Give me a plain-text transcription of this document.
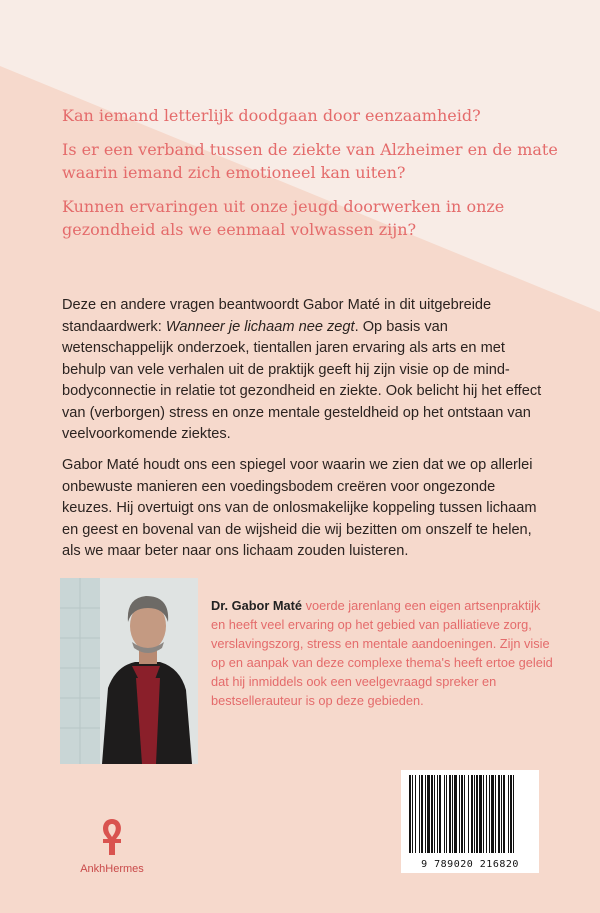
Kan iemand letterlijk doodgaan door eenzaamheid?

Is er een verband tussen de ziekte van Alzheimer en de mate waarin iemand zich emotioneel kan uiten?

Kunnen ervaringen uit onze jeugd doorwerken in onze gezondheid als we eenmaal volwassen zijn?

Deze en andere vragen beantwoordt Gabor Maté in dit uitgebreide standaardwerk: Wanneer je lichaam nee zegt. Op basis van wetenschappelijk onderzoek, tientallen jaren ervaring als arts en met behulp van vele verhalen uit de praktijk geeft hij zijn visie op de mind-bodyconnectie in relatie tot gezondheid en ziekte. Ook belicht hij het effect van (verborgen) stress en onze mentale gesteldheid op het ontstaan van veelvoorkomende ziektes.

Gabor Maté houdt ons een spiegel voor waarin we zien dat we op allerlei onbewuste manieren een voedingsbodem creëren voor ongezonde keuzes. Hij overtuigt ons van de onlosmakelijke koppeling tussen lichaam en geest en bovenal van de wijsheid die wij bezitten om onszelf te helen, als we maar beter naar ons lichaam zouden luisteren.

Dr. Gabor Maté voerde jarenlang een eigen artsenpraktijk en heeft veel ervaring op het gebied van palliatieve zorg, verslavingszorg, stress en mentale aandoeningen. Zijn visie op en aanpak van deze complexe thema's heeft ertoe geleid dat hij inmiddels ook een veelgevraagd spreker en bestsellerauteur is op deze gebieden.

AnkhHermes	9 789020 216820
